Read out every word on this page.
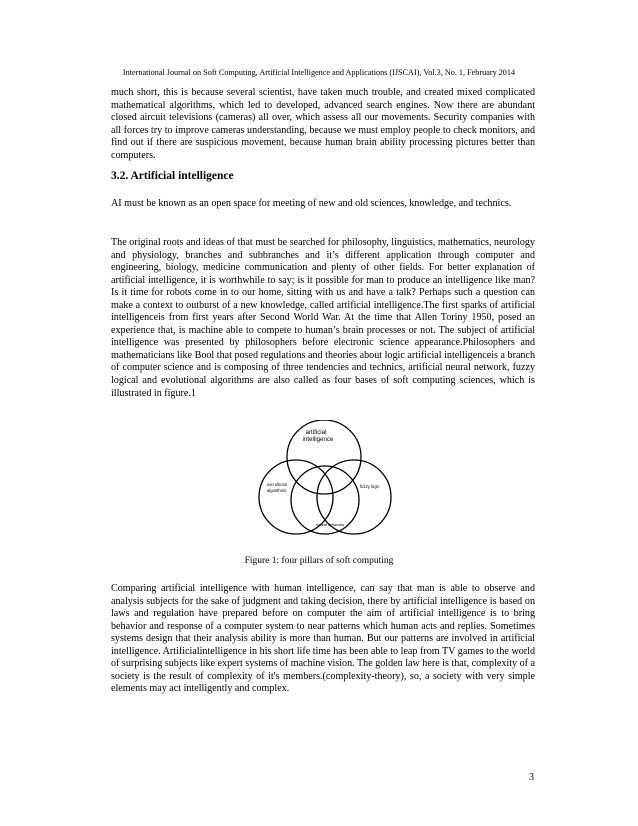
International Journal on Soft Computing, Artificial Intelligence and Applications (IJSCAI), Vol.3, No. 1, February 2014

much short, this is because several scientist, have taken much trouble, and created mixed complicated mathematical algorithms, which led to developed, advanced search engines. Now there are abundant closed aircuit televisions (cameras) all over, which assess all our movements. Security companies with all forces try to improve cameras understanding, because we must employ people to check monitors, and find out if there are suspicious movement, because human brain ability processing pictures better than computers.

3.2. Artificial intelligence

AI must be known as an open space for meeting of new and old sciences, knowledge, and technics.

The original roots and ideas of that must be searched for philosophy, linguistics, mathematics, neurology and physiology, branches and subbranches and it’s different application through computer and engineering, biology, medicine communication and plenty of other fields. For better explanation of artificial intelligence, it is worthwhile to say; is it possible for man to produce an intelligence like man? Is it time for robots come in to our home, sitting with us and have a talk? Perhaps such a question can make a context to outburst of a new knowledge, called artificial intelligence.The first sparks of artificial intelligenceis from first years after Second World War. At the time that Allen Toriny 1950, posed an experience that, is machine able to compete to human’s brain processes or not. The subject of artificial intelligence was presented by philosophers before electronic science appearance.Philosophers and mathematicians like Bool that posed regulations and theories about logic artificial intelligenceis a branch of computer science and is composing of three tendencies and technics, artificial neural network, fuzzy logical and evolutional algorithms are also called as four bases of soft computing sciences, which is illustrated in figure.1

artificial
intelligence
evo ultione
algorithms
fuzzy logic
neural networks
Figure 1: four pillars of soft computing

Comparing artificial intelligence with human intelligence, can say that man is able to observe and analysis subjects for the sake of judgment and taking decision, there by artificial intelligence is based on laws and regulation have prepared before on computer the aim of artificial intelligence is to bring behavior and response of a computer system to near patterns which human acts and replies. Sometimes systems design that their analysis ability is more than human. But our patterns are involved in artificial intelligence. Artificialintelligence in his short life time has been able to leap from TV games to the world of surprising subjects like expert systems of machine vision. The golden law here is that, complexity of a society is the result of complexity of it's members.(complexity-theory), so, a society with very simple elements may act intelligently and complex.

3
